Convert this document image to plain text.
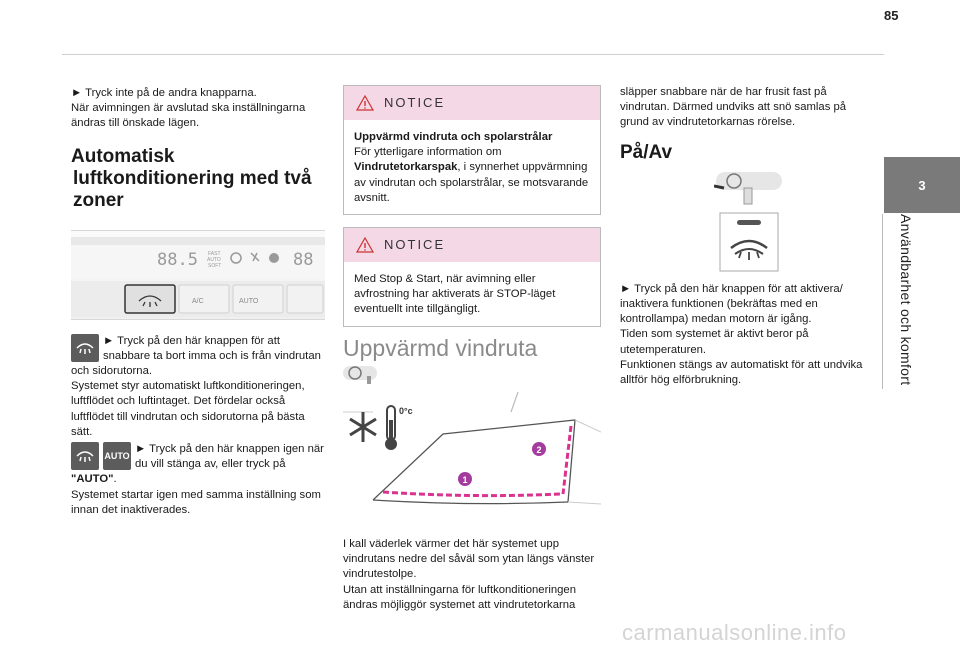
85
3
Användbarhet och komfort

► Tryck inte på de andra knapparna.

När avimningen är avslutad ska inställningarna ändras till önskade lägen.

Automatisk

luftkonditionering med två
zoner
88.5 FAST
AUTO
SOFT	88
A/C	AUTO

► Tryck på den här knappen för att snabbare ta bort imma och is från vindrutan och sidorutorna.

Systemet styr automatiskt luftkonditioneringen, luftflödet och luftintaget. Det fördelar också luftflödet till vindrutan och sidorutorna på bästa sätt.

AUTO

► Tryck på den här knappen igen när du vill stänga av, eller tryck på
"AUTO".

Systemet startar igen med samma inställning som innan det inaktiverades.

NOTICE

Uppvärmd vindruta och spolarstrålar

För ytterligare information om
Vindrutetorkarspak, i synnerhet uppvärmning av vindrutan och spolarstrålar, se motsvarande avsnitt.

NOTICE

Med Stop & Start, när avimning eller avfrostning har aktiverats är STOP-läget eventuellt inte tillgängligt.

Uppvärmd vindruta
0°c
1
2

I kall väderlek värmer det här systemet upp vindrutans nedre del såväl som ytan längs vänster vindrutestolpe.

Utan att inställningarna för luftkonditioneringen ändras möjliggör systemet att vindrutetorkarna

släpper snabbare när de har frusit fast på vindrutan. Därmed undviks att snö samlas på grund av vindrutetorkarnas rörelse.

På/Av

► Tryck på den här knappen för att aktivera/ inaktivera funktionen (bekräftas med en kontrollampa) medan motorn är igång.

Tiden som systemet är aktivt beror på utetemperaturen.

Funktionen stängs av automatiskt för att undvika alltför hög elförbrukning.

carmanualsonline.info
